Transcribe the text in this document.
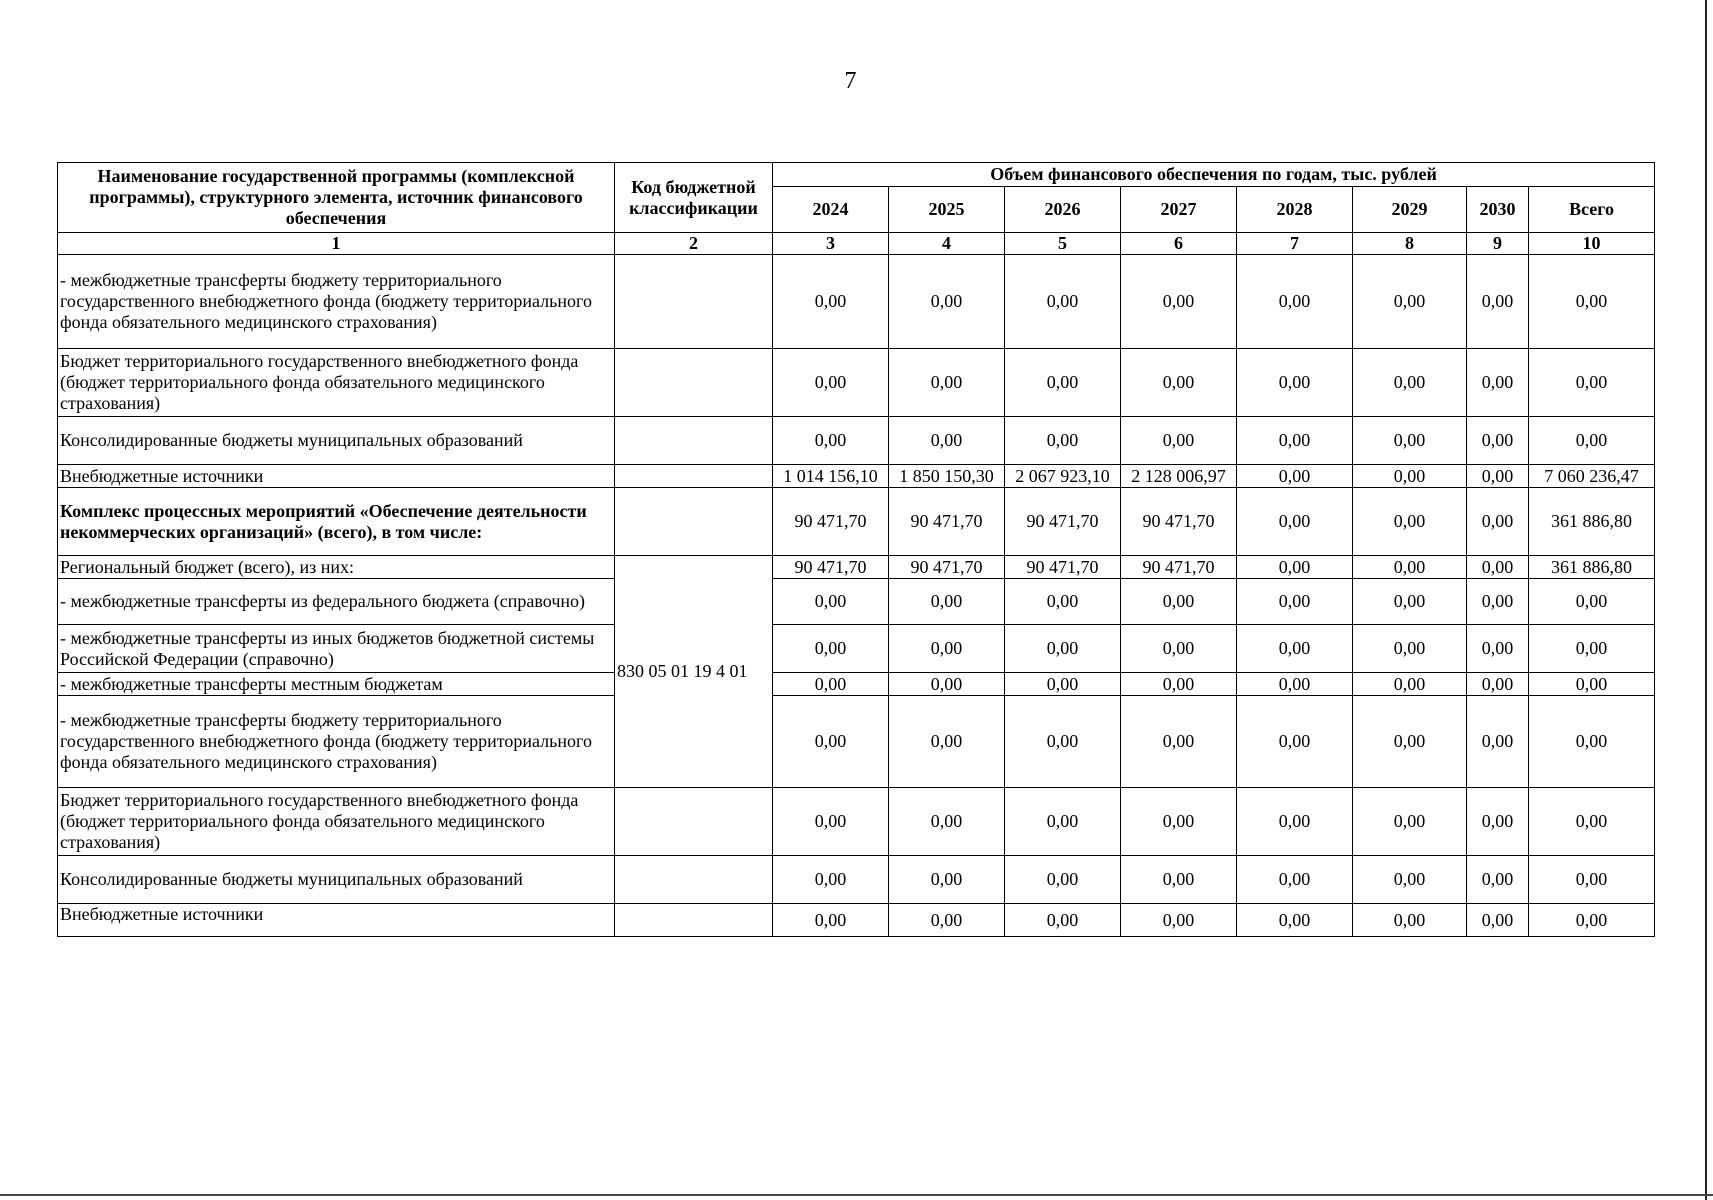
7
Наименование государственной программы (комплексной программы), структурного элемента, источник финансового обеспечения	Код бюджетной классификации	Объем финансового обеспечения по годам, тыс. рублей							
		2024	2025	2026	2027	2028	2029	2030	Всего
1	2	3	4	5	6	7	8	9	10
- межбюджетные трансферты бюджету территориального государственного внебюджетного фонда (бюджету территориального фонда обязательного медицинского страхования)		0,00	0,00	0,00	0,00	0,00	0,00	0,00	0,00
Бюджет территориального государственного внебюджетного фонда (бюджет территориального фонда обязательного медицинского страхования)		0,00	0,00	0,00	0,00	0,00	0,00	0,00	0,00
Консолидированные бюджеты муниципальных образований		0,00	0,00	0,00	0,00	0,00	0,00	0,00	0,00
Внебюджетные источники		1 014 156,10	1 850 150,30	2 067 923,10	2 128 006,97	0,00	0,00	0,00	7 060 236,47
Комплекс процессных мероприятий «Обеспечение деятельности некоммерческих организаций» (всего), в том числе:		90 471,70	90 471,70	90 471,70	90 471,70	0,00	0,00	0,00	361 886,80
Региональный бюджет (всего), из них:	830 05 01 19 4 01	90 471,70	90 471,70	90 471,70	90 471,70	0,00	0,00	0,00	361 886,80
- межбюджетные трансферты из федерального бюджета (справочно)		0,00	0,00	0,00	0,00	0,00	0,00	0,00	0,00
- межбюджетные трансферты из иных бюджетов бюджетной системы Российской Федерации (справочно)		0,00	0,00	0,00	0,00	0,00	0,00	0,00	0,00
- межбюджетные трансферты местным бюджетам		0,00	0,00	0,00	0,00	0,00	0,00	0,00	0,00
- межбюджетные трансферты бюджету территориального государственного внебюджетного фонда (бюджету территориального фонда обязательного медицинского страхования)		0,00	0,00	0,00	0,00	0,00	0,00	0,00	0,00
Бюджет территориального государственного внебюджетного фонда (бюджет территориального фонда обязательного медицинского страхования)		0,00	0,00	0,00	0,00	0,00	0,00	0,00	0,00
Консолидированные бюджеты муниципальных образований		0,00	0,00	0,00	0,00	0,00	0,00	0,00	0,00
Внебюджетные источники		0,00	0,00	0,00	0,00	0,00	0,00	0,00	0,00
